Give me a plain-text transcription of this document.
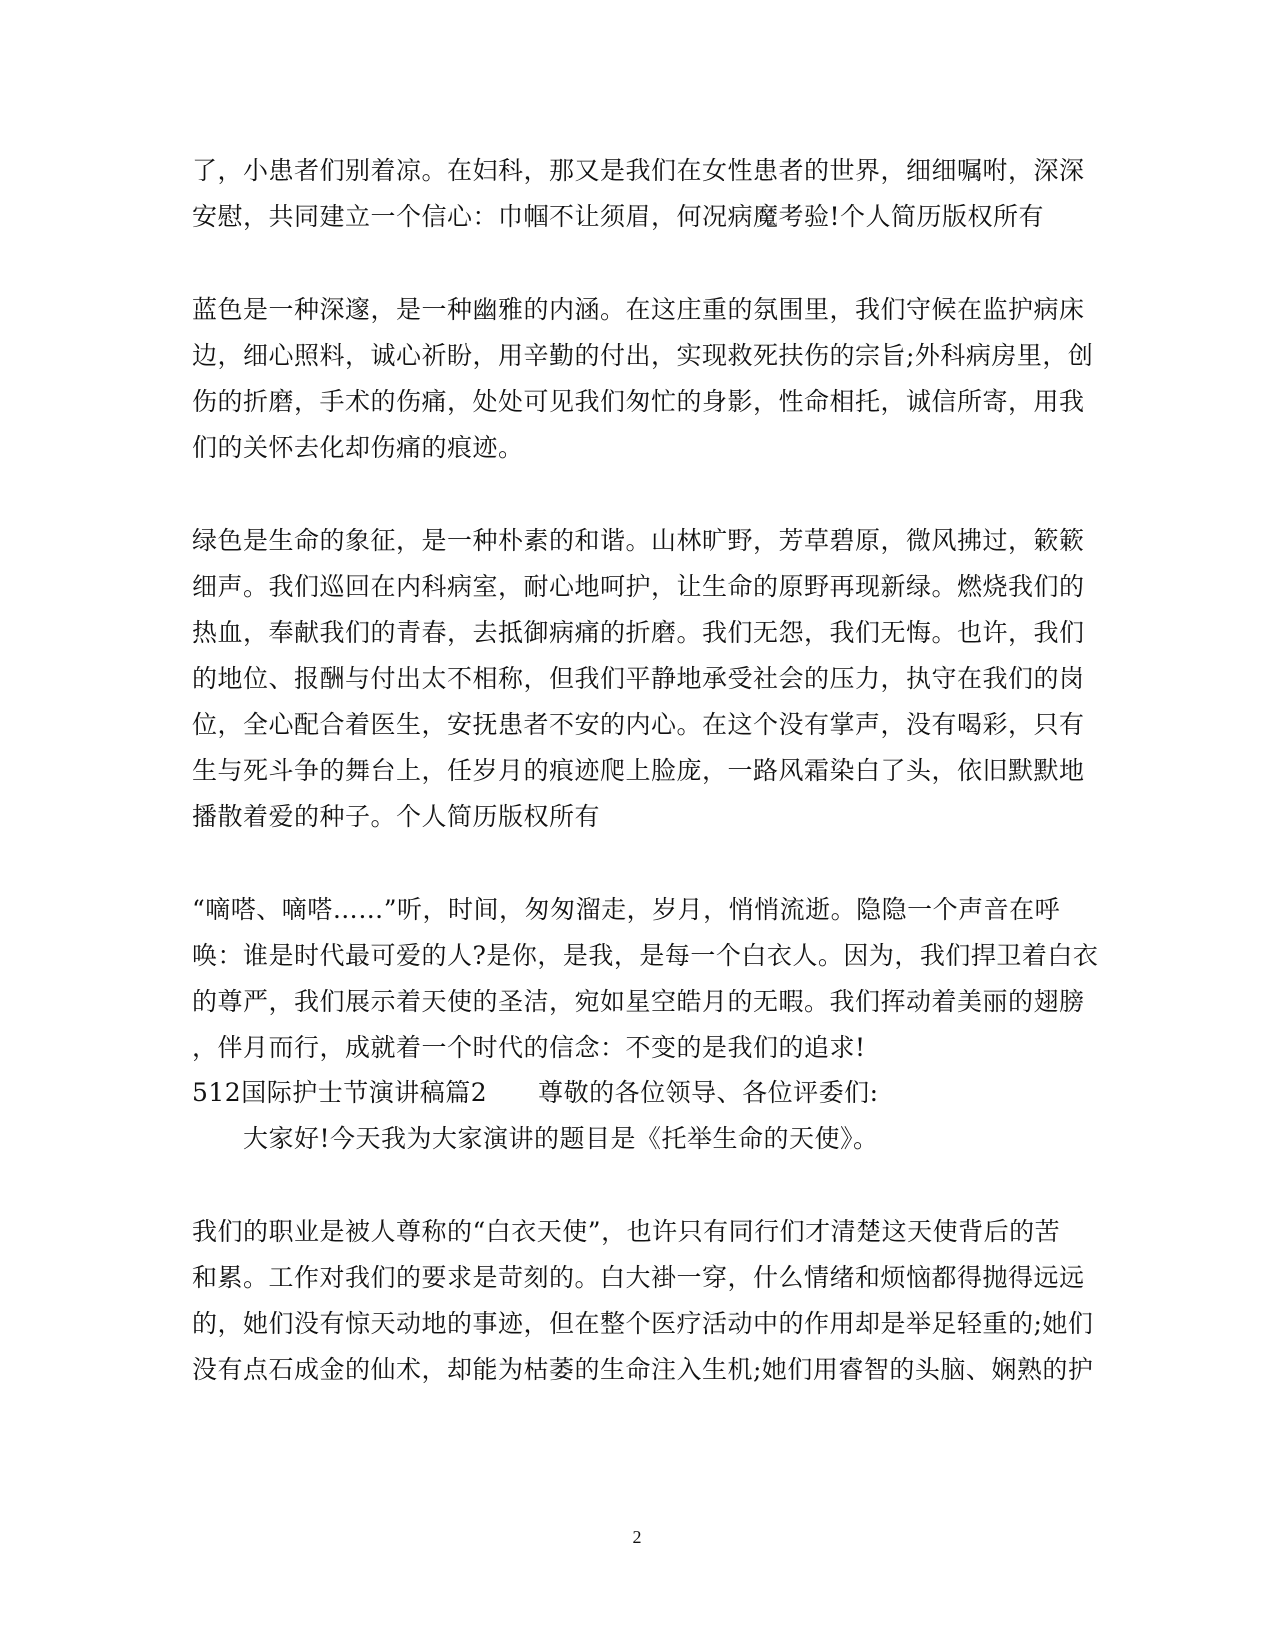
了，小患者们别着凉。在妇科，那又是我们在女性患者的世界，细细嘱咐，深深
安慰，共同建立一个信心：巾帼不让须眉，何况病魔考验!个人简历版权所有
蓝色是一种深邃，是一种幽雅的内涵。在这庄重的氛围里，我们守候在监护病床
边，细心照料，诚心祈盼，用辛勤的付出，实现救死扶伤的宗旨;外科病房里，创
伤的折磨，手术的伤痛，处处可见我们匆忙的身影，性命相托，诚信所寄，用我
们的关怀去化却伤痛的痕迹。
绿色是生命的象征，是一种朴素的和谐。山林旷野，芳草碧原，微风拂过，簌簌
细声。我们巡回在内科病室，耐心地呵护，让生命的原野再现新绿。燃烧我们的
热血，奉献我们的青春，去抵御病痛的折磨。我们无怨，我们无悔。也许，我们
的地位、报酬与付出太不相称，但我们平静地承受社会的压力，执守在我们的岗
位，全心配合着医生，安抚患者不安的内心。在这个没有掌声，没有喝彩，只有
生与死斗争的舞台上，任岁月的痕迹爬上脸庞，一路风霜染白了头，依旧默默地
播散着爱的种子。个人简历版权所有
“嘀嗒、嘀嗒……”听，时间，匆匆溜走，岁月，悄悄流逝。隐隐一个声音在呼
唤：谁是时代最可爱的人?是你，是我，是每一个白衣人。因为，我们捍卫着白衣
的尊严，我们展示着天使的圣洁，宛如星空皓月的无暇。我们挥动着美丽的翅膀
，伴月而行，成就着一个时代的信念：不变的是我们的追求!
512国际护士节演讲稿篇2　　尊敬的各位领导、各位评委们:
　　大家好!今天我为大家演讲的题目是《托举生命的天使》。
我们的职业是被人尊称的“白衣天使”，也许只有同行们才清楚这天使背后的苦
和累。工作对我们的要求是苛刻的。白大褂一穿，什么情绪和烦恼都得抛得远远
的，她们没有惊天动地的事迹，但在整个医疗活动中的作用却是举足轻重的;她们
没有点石成金的仙术，却能为枯萎的生命注入生机;她们用睿智的头脑、娴熟的护
2
